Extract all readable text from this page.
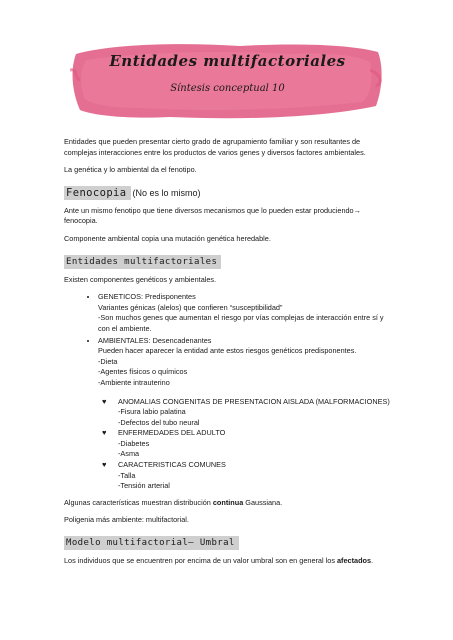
Entidades multifactoriales
Síntesis conceptual 10

Entidades que pueden presentar cierto grado de agrupamiento familiar y son resultantes de complejas interacciones entre los productos de varios genes y diversos factores ambientales.

La genética y lo ambiental da el fenotipo.

Fenocopia (No es lo mismo)

Ante un mismo fenotipo que tiene diversos mecanismos que lo pueden estar produciendo→ fenocopia.

Componente ambiental copia una mutación genética heredable.

Entidades multifactoriales

Existen componentes genéticos y ambientales.

• GENETICOS: Predisponentes
Variantes génicas (alelos) que confieren “susceptibilidad”
-Son muchos genes que aumentan el riesgo por vías complejas de interacción entre sí y con el ambiente.
• AMBIENTALES: Desencadenantes
Pueden hacer aparecer la entidad ante estos riesgos genéticos predisponentes.
-Dieta
-Agentes físicos o químicos
-Ambiente intrauterino
♥ ANOMALIAS CONGENITAS DE PRESENTACION AISLADA (MALFORMACIONES)
-Fisura labio palatina
-Defectos del tubo neural
♥ ENFERMEDADES DEL ADULTO
-Diabetes
-Asma
♥ CARACTERISTICAS COMUNES
-Talla
-Tensión arterial

Algunas características muestran distribución continua Gaussiana.

Poligenia más ambiente: multifactorial.

Modelo multifactorial– Umbral

Los individuos que se encuentren por encima de un valor umbral son en general los afectados.
